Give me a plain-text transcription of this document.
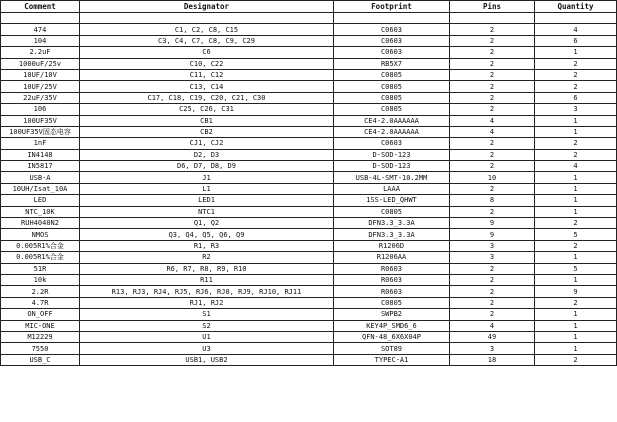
Comment	Designator	Footprint	Pins	Quantity

474	C1, C2, C8, C15	C0603	2	4
104	C3, C4, C7, C8, C9, C29	C0603	2	6
2.2uF	C6	C0603	2	1
1000uF/25v	C10, C22	RB5X7	2	2
10UF/10V	C11, C12	C0805	2	2
10UF/25V	C13, C14	C0805	2	2
22uF/35V	C17, C18, C19, C20, C21, C30	C0805	2	6
106	C25, C26, C31	C0805	2	3
100UF35V	CB1	CE4-2.0AAAAAA	4	1
100UF35V固态电容	CB2	CE4-2.0AAAAAA	4	1
1nF	CJ1, CJ2	C0603	2	2
IN4148	D2, D3	D-SOD-123	2	2
IN5817	D6, D7, D8, D9	D-SOD-123	2	4
USB-A	J1	USB-4L-SMT-10.2MM	10	1
10UH/Isat_10A	L1	LAAA	2	1
LED	LED1	1SS-LED_QHWT	8	1
NTC_10K	NTC1	C0805	2	1
RUH4040N2	Q1, Q2	DFN3.3_3.3A	9	2
NMOS	Q3, Q4, Q5, Q6, Q9	DFN3.3_3.3A	9	5
0.005R1%合金	R1, R3	R1206D	3	2
0.005R1%合金	R2	R1206AA	3	1
51R	R6, R7, R8, R9, R10	R0603	2	5
10k	R11	R0603	2	1
2.2R	R13, RJ3, RJ4, RJ5, RJ6, RJ8, RJ9, RJ10, RJ11	R0603	2	9
4.7R	RJ1, RJ2	C0805	2	2
ON_OFF	S1	SWPB2	2	1
MIC-ONE	S2	KEY4P_SMD6_6	4	1
M12229	U1	QFN-48_6X6X04P	49	1
7550	U3	SOT89	3	1
USB_C	USB1, USB2	TYPEC-A1	18	2
